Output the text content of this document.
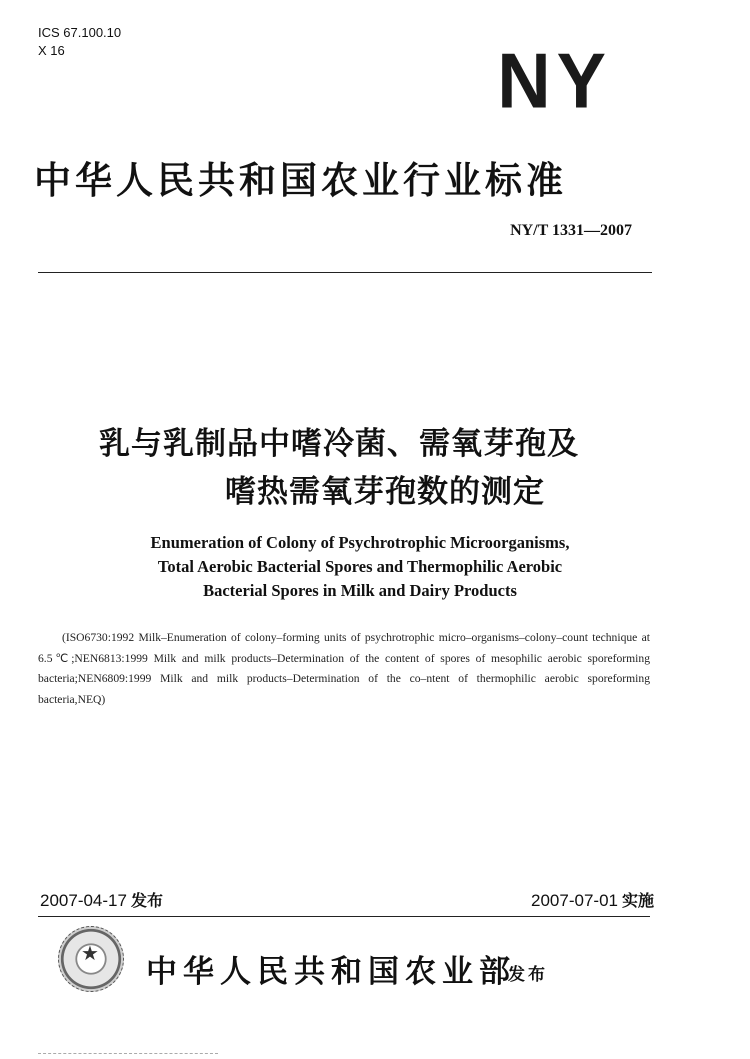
ICS 67.100.10
X 16	NY
中华人民共和国农业行业标准
NY/T 1331—2007
乳与乳制品中嗜冷菌、需氧芽孢及
嗜热需氧芽孢数的测定
Enumeration of Colony of Psychrotrophic Microorganisms,
Total Aerobic Bacterial Spores and Thermophilic Aerobic
Bacterial Spores in Milk and Dairy Products
(ISO6730:1992 Milk–Enumeration of colony–forming units of psychrotrophic micro–organisms–colony–count technique at 6.5℃;NEN6813:1999 Milk and milk products–Determination of the content of spores of mesophilic aerobic sporeforming bacteria;NEN6809:1999 Milk and milk products–Determination of the co–ntent of thermophilic aerobic sporeforming bacteria,NEQ)
2007-04-17 发布	2007-07-01 实施
★
中华人民共和国农业部
发布
